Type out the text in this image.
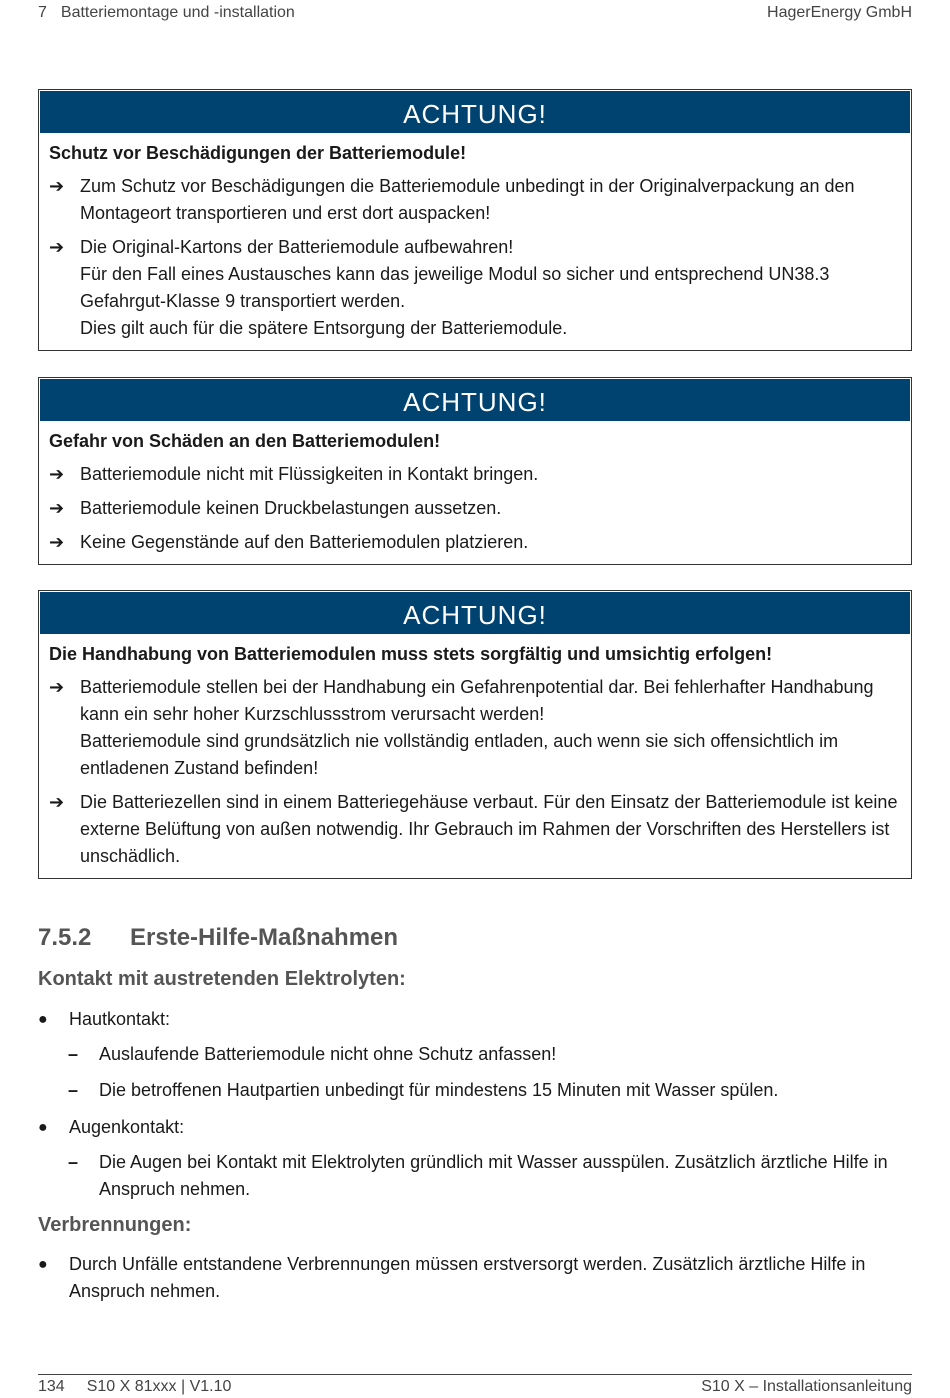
7 Batteriemontage und -installation	HagerEnergy GmbH
ACHTUNG!
Schutz vor Beschädigungen der Batteriemodule!
➔ Zum Schutz vor Beschädigungen die Batteriemodule unbedingt in der Originalverpackung an den Montageort transportieren und erst dort auspacken!

➔ Die Original-Kartons der Batteriemodule aufbewahren!

Für den Fall eines Austausches kann das jeweilige Modul so sicher und entsprechend UN38.3 Gefahrgut-Klasse 9 transportiert werden.

Dies gilt auch für die spätere Entsorgung der Batteriemodule.

ACHTUNG!
Gefahr von Schäden an den Batteriemodulen!
➔ Batteriemodule nicht mit Flüssigkeiten in Kontakt bringen.

➔ Batteriemodule keinen Druckbelastungen aussetzen.

➔ Keine Gegenstände auf den Batteriemodulen platzieren.

ACHTUNG!
Die Handhabung von Batteriemodulen muss stets sorgfältig und umsichtig erfolgen!
➔ Batteriemodule stellen bei der Handhabung ein Gefahrenpotential dar. Bei fehlerhafter Handhabung kann ein sehr hoher Kurzschlussstrom verursacht werden!

Batteriemodule sind grundsätzlich nie vollständig entladen, auch wenn sie sich offensichtlich im entladenen Zustand befinden!

➔ Die Batteriezellen sind in einem Batteriegehäuse verbaut. Für den Einsatz der Batteriemodule ist keine externe Belüftung von außen notwendig. Ihr Gebrauch im Rahmen der Vorschriften des Herstellers ist unschädlich.

7.5.2 Erste-Hilfe-Maßnahmen
Kontakt mit austretenden Elektrolyten:
●	Hautkontakt:
–	Auslaufende Batteriemodule nicht ohne Schutz anfassen!
–	Die betroffenen Hautpartien unbedingt für mindestens 15 Minuten mit Wasser spülen.
●	Augenkontakt:
–	Die Augen bei Kontakt mit Elektrolyten gründlich mit Wasser ausspülen. Zusätzlich ärztliche Hilfe in Anspruch nehmen.
Verbrennungen:
●	Durch Unfälle entstandene Verbrennungen müssen erstversorgt werden. Zusätzlich ärztliche Hilfe in Anspruch nehmen.
134 S10 X 81xxx | V1.10	S10 X – Installationsanleitung
